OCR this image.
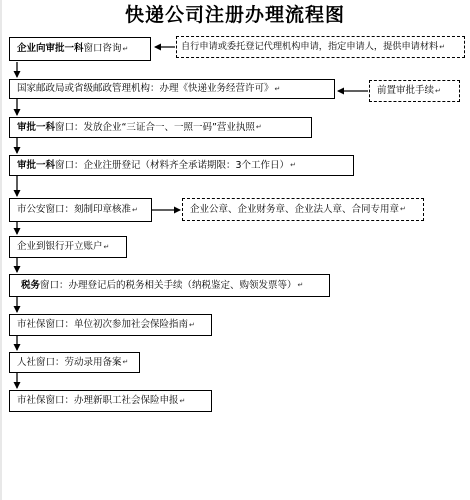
快递公司注册办理流程图
企业向审批一科 窗口咨询 ↵
国家邮政局或省级邮政管理机构：办理《快递业务经营许可》 ↵
审批一科 窗口：发放企业“三证合一、一照一码”营业执照 ↵
审批一科 窗口：企业注册登记（材料齐全承诺期限：3个工作日） ↵
市公安窗口：刻制印章核准 ↵
企业到银行开立账户 ↵
税务 窗口：办理登记后的税务相关手续（纳税鉴定、购领发票等） ↵
市社保窗口：单位初次参加社会保险指南 ↵
人社窗口：劳动录用备案 ↵
市社保窗口：办理新职工社会保险申报 ↵
自行申请或委托登记代理机构申请，指定申请人，提供申请材料 ↵
前置审批手续 ↵
企业公章、企业财务章、企业法人章、合同专用章 ↵
